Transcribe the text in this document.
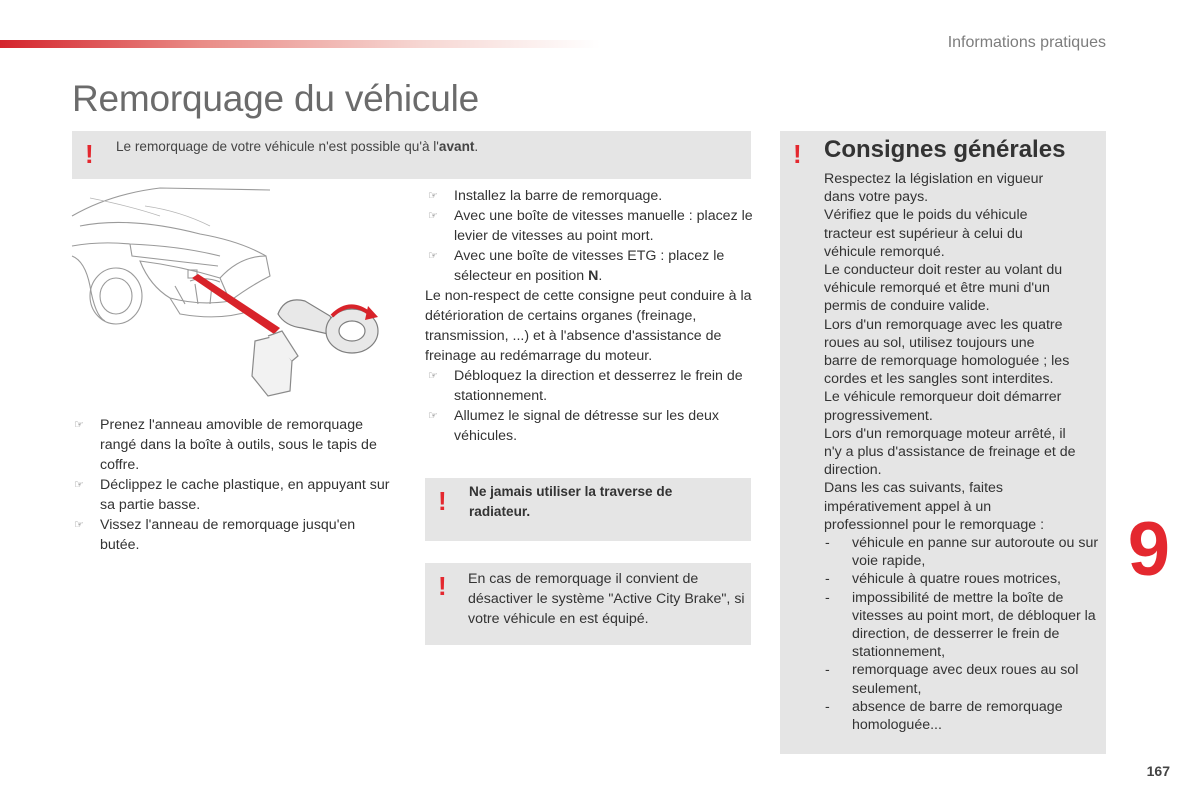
Informations pratiques
Remorquage du véhicule
! Le remorquage de votre véhicule n'est possible qu'à l'avant.
☞ Prenez l'anneau amovible de remorquage rangé dans la boîte à outils, sous le tapis de coffre.
☞ Déclippez le cache plastique, en appuyant sur sa partie basse.
☞ Vissez l'anneau de remorquage jusqu'en butée.
☞ Installez la barre de remorquage.
☞ Avec une boîte de vitesses manuelle : placez le levier de vitesses au point mort.
☞ Avec une boîte de vitesses ETG : placez le sélecteur en position N.
Le non-respect de cette consigne peut conduire à la détérioration de certains organes (freinage, transmission, ...) et à l'absence d'assistance de freinage au redémarrage du moteur.
☞ Débloquez la direction et desserrez le frein de stationnement.
☞ Allumez le signal de détresse sur les deux véhicules.
! Ne jamais utiliser la traverse de radiateur.
! En cas de remorquage il convient de désactiver le système "Active City Brake", si votre véhicule en est équipé.
! Consignes générales
Respectez la législation en vigueur
dans votre pays.
Vérifiez que le poids du véhicule
tracteur est supérieur à celui du
véhicule remorqué.
Le conducteur doit rester au volant du
véhicule remorqué et être muni d'un
permis de conduire valide.
Lors d'un remorquage avec les quatre
roues au sol, utilisez toujours une
barre de remorquage homologuée ; les
cordes et les sangles sont interdites.
Le véhicule remorqueur doit démarrer
progressivement.
Lors d'un remorquage moteur arrêté, il
n'y a plus d'assistance de freinage et de
direction.
Dans les cas suivants, faites
impérativement appel à un
professionnel pour le remorquage :
- véhicule en panne sur autoroute ou sur voie rapide,
- véhicule à quatre roues motrices,
- impossibilité de mettre la boîte de vitesses au point mort, de débloquer la direction, de desserrer le frein de stationnement,
- remorquage avec deux roues au sol seulement,
- absence de barre de remorquage homologuée...
9
167
